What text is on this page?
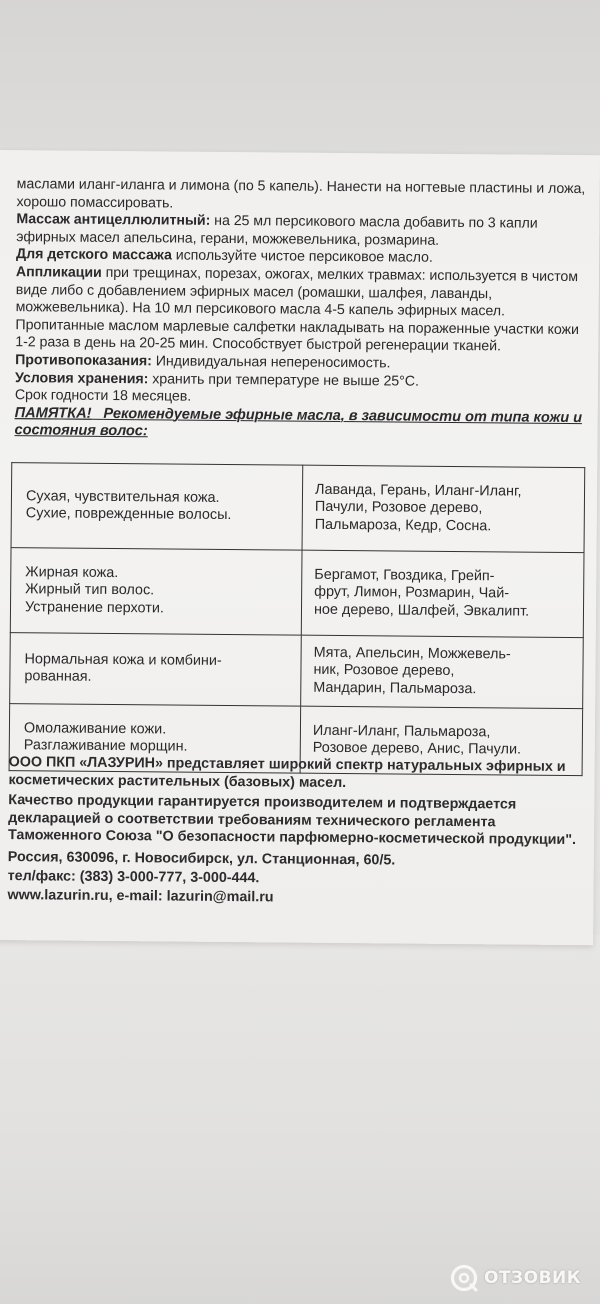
маслами иланг-иланга и лимона (по 5 капель). Нанести на ногтевые пластины и ложа, хорошо помассировать.

Массаж антицеллюлитный: на 25 мл персикового масла добавить по 3 капли эфирных масел апельсина, герани, можжевельника, розмарина.

Для детского массажа используйте чистое персиковое масло.

Аппликации при трещинах, порезах, ожогах, мелких травмах: используется в чистом виде либо с добавлением эфирных масел (ромашки, шалфея, лаванды, можжевельника). На 10 мл персикового масла 4-5 капель эфирных масел. Пропитанные маслом марлевые салфетки накладывать на пораженные участки кожи 1-2 раза в день на 20-25 мин. Способствует быстрой регенерации тканей.

Противопоказания: Индивидуальная непереносимость.

Условия хранения: хранить при температуре не выше 25°С.

Срок годности 18 месяцев.

ПАМЯТКА! Рекомендуемые эфирные масла, в зависимости от типа кожи и состояния волос:

Сухая, чувствительная кожа.
Сухие, поврежденные волосы.	Лаванда, Герань, Иланг-Иланг,
Пачули, Розовое дерево,
Пальмароза, Кедр, Сосна.

Жирная кожа.
Жирный тип волос.
Устранение перхоти.	Бергамот, Гвоздика, Грейп-
фрут, Лимон, Розмарин, Чай-
ное дерево, Шалфей, Эвкалипт.

Нормальная кожа и комбини-
рованная.	Мята, Апельсин, Можжевель-
ник, Розовое дерево,
Мандарин, Пальмароза.

Омолаживание кожи.
Разглаживание морщин.	Иланг-Иланг, Пальмароза,
Розовое дерево, Анис, Пачули.

ООО ПКП «ЛАЗУРИН» представляет широкий спектр натуральных эфирных и косметических растительных (базовых) масел.

Качество продукции гарантируется производителем и подтверждается декларацией о соответствии требованиям технического регламента Таможенного Союза "О безопасности парфюмерно-косметической продукции".

Россия, 630096, г. Новосибирск, ул. Станционная, 60/5.
тел/факс: (383) 3-000-777, 3-000-444.
www.lazurin.ru, e-mail: lazurin@mail.ru
ОТЗОВИК
